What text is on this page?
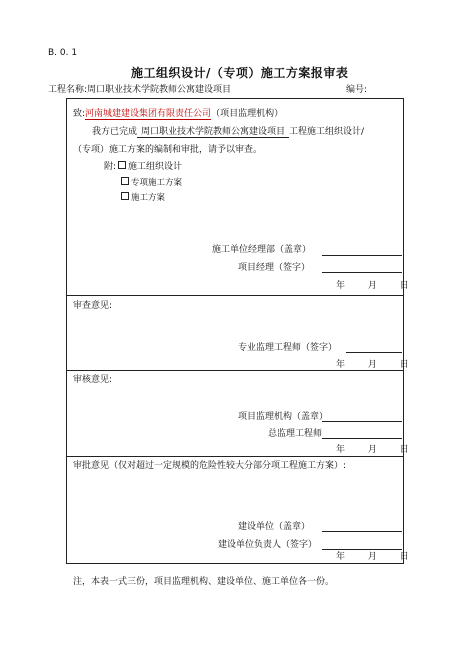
B. 0. 1
施工组织设计/（专项）施工方案报审表
工程名称:周口职业技术学院教师公寓建设项目	编号:
致:河南城建建设集团有限责任公司（项目监理机构）
我方已完成 周口职业技术学院教师公寓建设项目 工程施工组织设计/
（专项）施工方案的编制和审批，请予以审查。
附:	施工组织设计
专项施工方案
施工方案
施工单位经理部（盖章）
项目经理（签字）
年 月 日
审查意见:
专业监理工程师（签字）
年 月 日
审核意见:
项目监理机构（盖章）
总监理工程师
年 月 日
审批意见（仅对超过一定规模的危险性较大分部分项工程施工方案）:
建设单位（盖章）
建设单位负责人（签字）
年 月 日
注，本表一式三份，项目监理机构、建设单位、施工单位各一份。
